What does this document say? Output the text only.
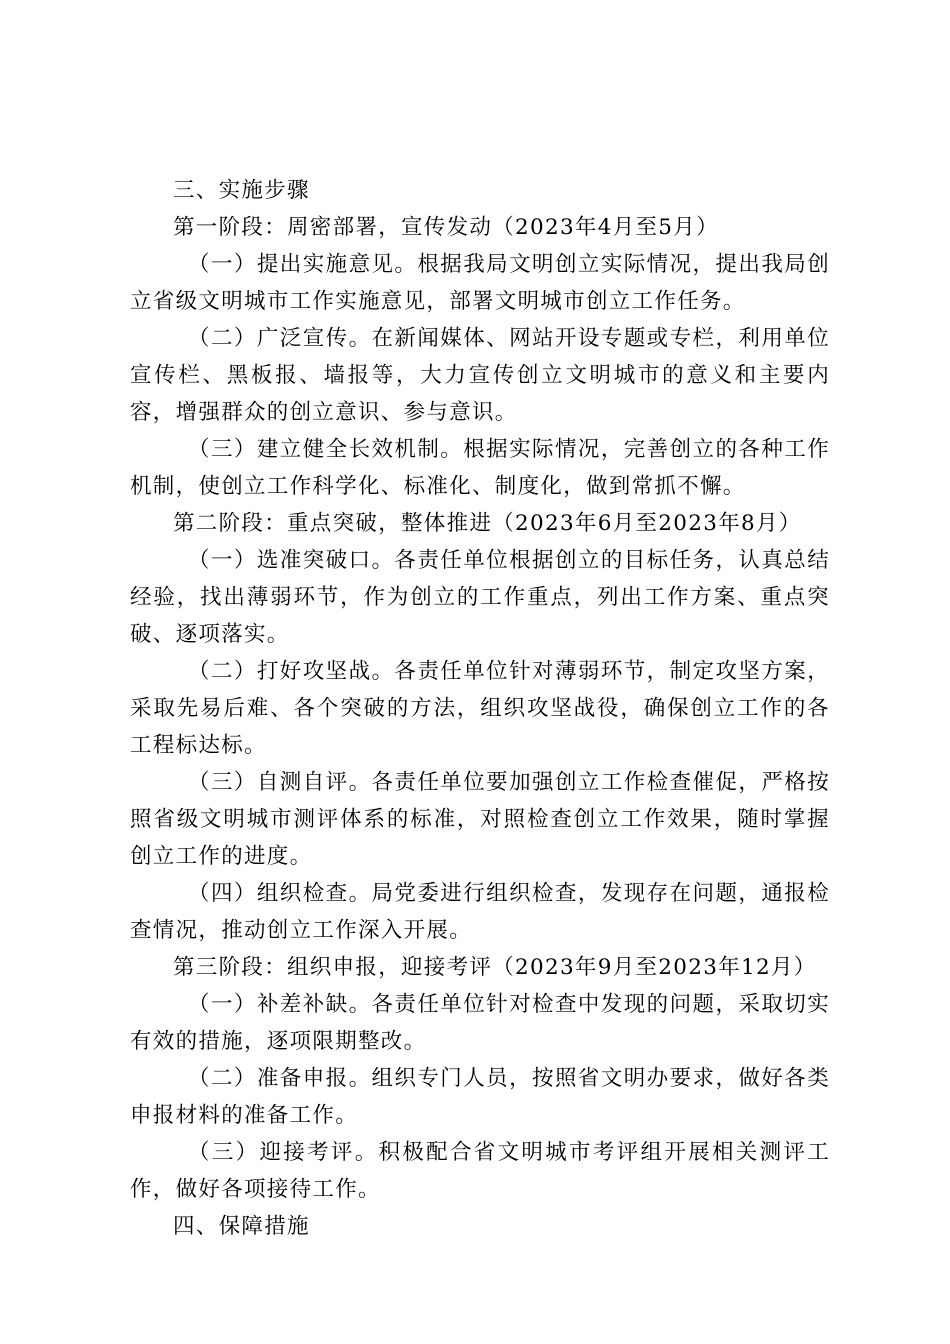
三、实施步骤

第一阶段：周密部署，宣传发动（2023年4月至5月）

（一）提出实施意见。根据我局文明创立实际情况，提出我局创立省级文明城市工作实施意见，部署文明城市创立工作任务。

（二）广泛宣传。在新闻媒体、网站开设专题或专栏，利用单位宣传栏、黑板报、墙报等，大力宣传创立文明城市的意义和主要内容，增强群众的创立意识、参与意识。

（三）建立健全长效机制。根据实际情况，完善创立的各种工作机制，使创立工作科学化、标准化、制度化，做到常抓不懈。

第二阶段：重点突破，整体推进（2023年6月至2023年8月）

（一）选准突破口。各责任单位根据创立的目标任务，认真总结经验，找出薄弱环节，作为创立的工作重点，列出工作方案、重点突破、逐项落实。

（二）打好攻坚战。各责任单位针对薄弱环节，制定攻坚方案，采取先易后难、各个突破的方法，组织攻坚战役，确保创立工作的各工程标达标。

（三）自测自评。各责任单位要加强创立工作检查催促，严格按照省级文明城市测评体系的标准，对照检查创立工作效果，随时掌握创立工作的进度。

（四）组织检查。局党委进行组织检查，发现存在问题，通报检查情况，推动创立工作深入开展。

第三阶段：组织申报，迎接考评（2023年9月至2023年12月）

（一）补差补缺。各责任单位针对检查中发现的问题，采取切实有效的措施，逐项限期整改。

（二）准备申报。组织专门人员，按照省文明办要求，做好各类申报材料的准备工作。

（三）迎接考评。积极配合省文明城市考评组开展相关测评工作，做好各项接待工作。

四、保障措施
